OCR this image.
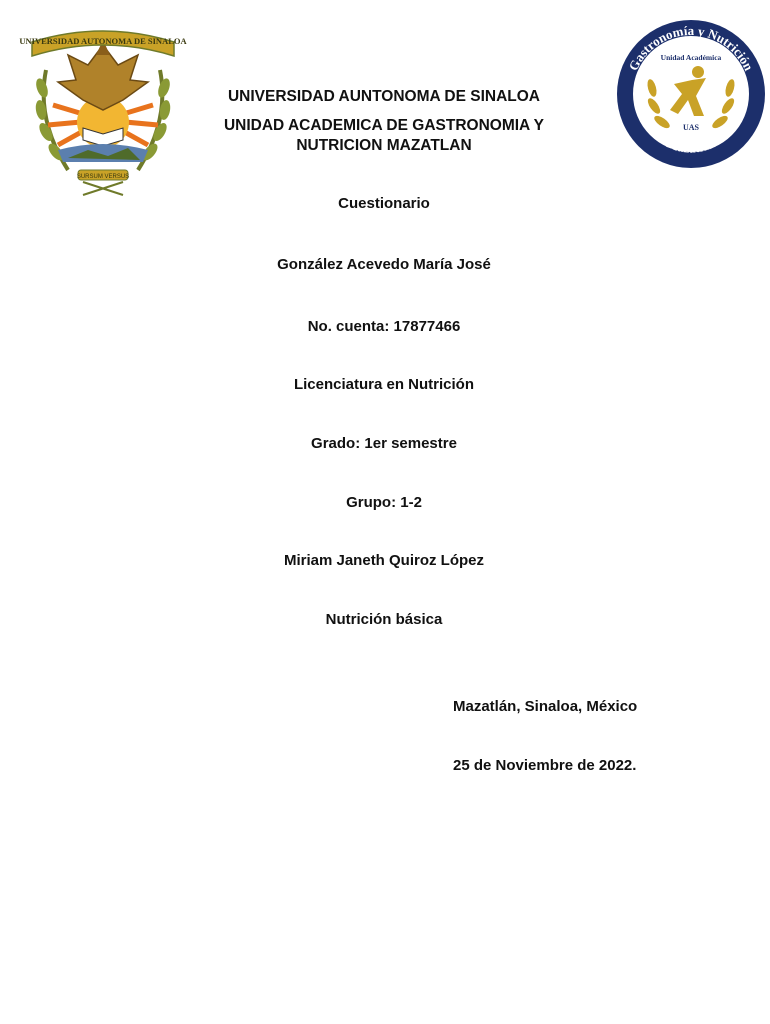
UNIVERSIDAD AUTONOMA DE SINALOA
SURSUM VERSUS
Gastronomía y Nutrición
Mazatlán
Unidad Académica
UAS
UNIVERSIDAD AUNTONOMA DE SINALOA
UNIDAD ACADEMICA DE GASTRONOMIA Y NUTRICION MAZATLAN
Cuestionario
González Acevedo María José
No. cuenta: 17877466
Licenciatura en Nutrición
Grado: 1er semestre
Grupo: 1-2
Miriam Janeth Quiroz López
Nutrición básica
Mazatlán, Sinaloa, México
25 de Noviembre de 2022.
